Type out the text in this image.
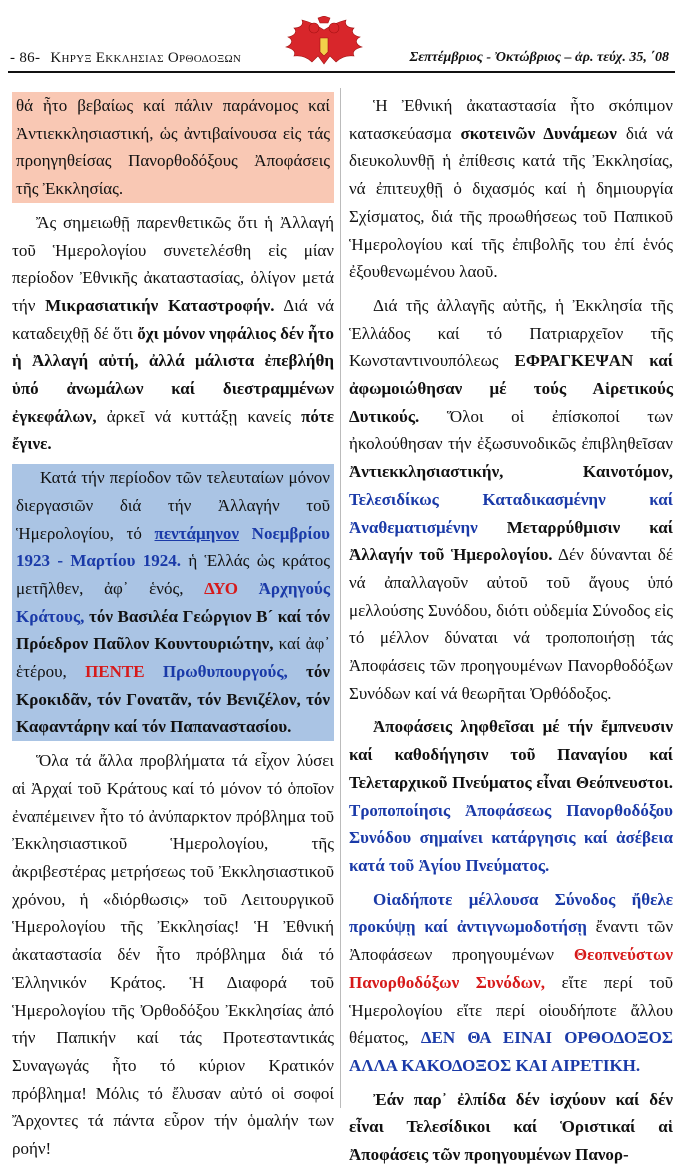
- 86- Κηρυξ Εκκλησιας Ορθοδοξων	Σεπτέμβριος - Ὀκτώβριος – ἀρ. τεύχ. 35, ΄08

θά ἦτο βεβαίως καί πάλιν παράνομος καί Ἀντιεκκλησιαστική, ὡς ἀντιβαίνουσα εἰς τάς προηγηθείσας Πανορθοδόξους Ἀποφάσεις τῆς Ἐκκλησίας.

Ἄς σημειωθῇ παρενθετικῶς ὅτι ἡ Ἀλλαγή τοῦ Ἡμερολογίου συνετελέσθη εἰς μίαν περίοδον Ἐθνικῆς ἀκαταστασίας, ὀλίγον μετά τήν Μικρασιατικήν Καταστροφήν. Διά νά καταδειχθῇ δέ ὅτι ὄχι μόνον νηφάλιος δέν ἦτο ἡ Ἀλλαγή αὐτή, ἀλλά μάλιστα ἐπεβλήθη ὑπό ἀνωμάλων καί διεστραμμένων ἐγκεφάλων, ἀρκεῖ νά κυττάξῃ κανείς πότε ἔγινε.

Κατά τήν περίοδον τῶν τελευταίων μόνον διεργασιῶν διά τήν Ἀλλαγήν τοῦ Ἡμερολογίου, τό πεντάμηνον Νοεμβρίου 1923 - Μαρτίου 1924. ἡ Ἑλλάς ὡς κράτος μετῆλθεν, ἀφ᾽ ἑνός, ΔΥΟ Ἀρχηγούς Κράτους, τόν Βασιλέα Γεώργιον Β´ καί τόν Πρόεδρον Παῦλον Κουντουριώτην, καί ἀφ᾽ ἑτέρου, ΠΕΝΤΕ Πρωθυπουργούς, τόν Κροκιδᾶν, τόν Γονατᾶν, τόν Βενιζέλον, τόν Καφαντάρην καί τόν Παπαναστασίου.

Ὅλα τά ἄλλα προβλήματα τά εἶχον λύσει αἱ Ἀρχαί τοῦ Κράτους καί τό μόνον τό ὁποῖον ἐναπέμεινεν ἦτο τό ἀνύπαρκτον πρόβλημα τοῦ Ἐκκλησιαστικοῦ Ἡμερολογίου, τῆς ἀκριβεστέρας μετρήσεως τοῦ Ἐκκλησιαστικοῦ χρόνου, ἡ «διόρθωσις» τοῦ Λειτουργικοῦ Ἡμερολογίου τῆς Ἐκκλησίας! Ἡ Ἐθνική ἀκαταστασία δέν ἦτο πρόβλημα διά τό Ἑλληνικόν Κράτος. Ἡ Διαφορά τοῦ Ἡμερολογίου τῆς Ὀρθοδόξου Ἐκκλησίας ἀπό τήν Παπικήν καί τάς Προτεσταντικάς Συναγωγάς ἦτο τό κύριον Κρατικόν πρόβλημα! Μόλις τό ἔλυσαν αὐτό οἱ σοφοί Ἄρχοντες τά πάντα εὗρον τήν ὁμαλήν των ροήν!

Ἡ Ἐθνική ἀκαταστασία ἦτο σκόπιμον κατασκεύασμα σκοτεινῶν Δυνάμεων διά νά διευκολυνθῇ ἡ ἐπίθεσις κατά τῆς Ἐκκλησίας, νά ἐπιτευχθῇ ὁ διχασμός καί ἡ δημιουργία Σχίσματος, διά τῆς προωθήσεως τοῦ Παπικοῦ Ἡμερολογίου καί τῆς ἐπιβολῆς του ἐπί ἑνός ἐξουθενωμένου λαοῦ.

Διά τῆς ἀλλαγῆς αὐτῆς, ἡ Ἐκκλησία τῆς Ἑλλάδος καί τό Πατριαρχεῖον τῆς Κωνσταντινουπόλεως ΕΦΡΑΓΚΕΨΑΝ καί ἀφωμοιώθησαν μέ τούς Αἱρετικούς Δυτικούς. Ὅλοι οἱ ἐπίσκοποί των ἠκολούθησαν τήν ἐξωσυνοδικῶς ἐπιβληθεῖσαν Ἀντιεκκλησιαστικήν, Καινοτόμον, Τελεσιδίκως Καταδικασμένην καί Ἀναθεματισμένην Μεταρρύθμισιν καί Ἀλλαγήν τοῦ Ἡμερολογίου. Δέν δύνανται δέ νά ἀπαλλαγοῦν αὐτοῦ τοῦ ἄγους ὑπό μελλούσης Συνόδου, διότι οὐδεμία Σύνοδος εἰς τό μέλλον δύναται νά τροποποιήσῃ τάς Ἀποφάσεις τῶν προηγουμένων Πανορθοδόξων Συνόδων καί νά θεωρῆται Ὀρθόδοξος.

Ἀποφάσεις ληφθεῖσαι μέ τήν ἔμπνευσιν καί καθοδήγησιν τοῦ Παναγίου καί Τελεταρχικοῦ Πνεύματος εἶναι Θεόπνευστοι. Τροποποίησις Ἀποφάσεως Πανορθοδόξου Συνόδου σημαίνει κατάργησις καί ἀσέβεια κατά τοῦ Ἁγίου Πνεύματος.

Οἱαδήποτε μέλλουσα Σύνοδος ἤθελε προκύψῃ καί ἀντιγνωμοδοτήσῃ ἔναντι τῶν Ἀποφάσεων προηγουμένων Θεοπνεύστων Πανορθοδόξων Συνόδων, εἴτε περί τοῦ Ἡμερολογίου εἴτε περί οἱουδήποτε ἄλλου θέματος, ΔΕΝ ΘΑ ΕΙΝΑΙ ΟΡΘΟΔΟΞΟΣ ΑΛΛΑ ΚΑΚΟΔΟΞΟΣ ΚΑΙ ΑΙΡΕΤΙΚΗ.

Ἐάν παρ᾽ ἐλπίδα δέν ἰσχύουν καί δέν εἶναι Τελεσίδικοι καί Ὁριστικαί αἱ Ἀποφάσεις τῶν προηγουμένων Πανορ-
